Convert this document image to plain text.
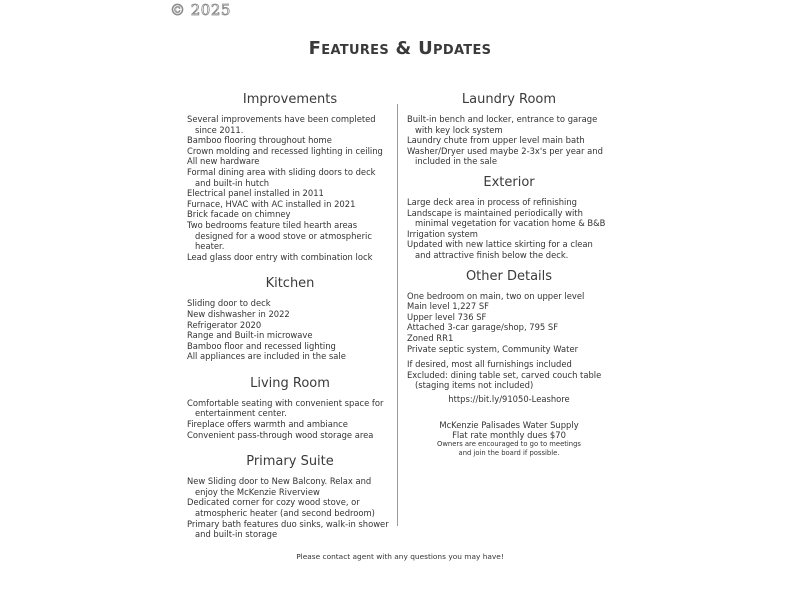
© 2025
Features & Updates
Improvements
Several improvements have been completed since 2011.
Bamboo flooring throughout home
Crown molding and recessed lighting in ceiling
All new hardware
Formal dining area with sliding doors to deck and built-in hutch
Electrical panel installed in 2011
Furnace, HVAC with AC installed in 2021
Brick facade on chimney
Two bedrooms feature tiled hearth areas designed for a wood stove or atmospheric heater.
Lead glass door entry with combination lock
Kitchen
Sliding door to deck
New dishwasher in 2022
Refrigerator 2020
Range and Built-in microwave
Bamboo floor and recessed lighting
All appliances are included in the sale
Living Room
Comfortable seating with convenient space for entertainment center.
Fireplace offers warmth and ambiance
Convenient pass-through wood storage area
Primary Suite
New Sliding door to New Balcony. Relax and enjoy the McKenzie Riverview
Dedicated corner for cozy wood stove, or atmospheric heater (and second bedroom)
Primary bath features duo sinks, walk-in shower and built-in storage
Laundry Room
Built-in bench and locker, entrance to garage with key lock system
Laundry chute from upper level main bath
Washer/Dryer used maybe 2-3x's per year and included in the sale
Exterior
Large deck area in process of refinishing
Landscape is maintained periodically with minimal vegetation for vacation home & B&B
Irrigation system
Updated with new lattice skirting for a clean and attractive finish below the deck.
Other Details
One bedroom on main, two on upper level
Main level 1,227 SF
Upper level 736 SF
Attached 3-car garage/shop, 795 SF
Zoned RR1
Private septic system, Community Water
If desired, most all furnishings included
Excluded: dining table set, carved couch table (staging items not included)
https://bit.ly/91050-Leashore
McKenzie Palisades Water Supply
Flat rate monthly dues $70
Owners are encouraged to go to meetings
and join the board if possible.
Please contact agent with any questions you may have!
